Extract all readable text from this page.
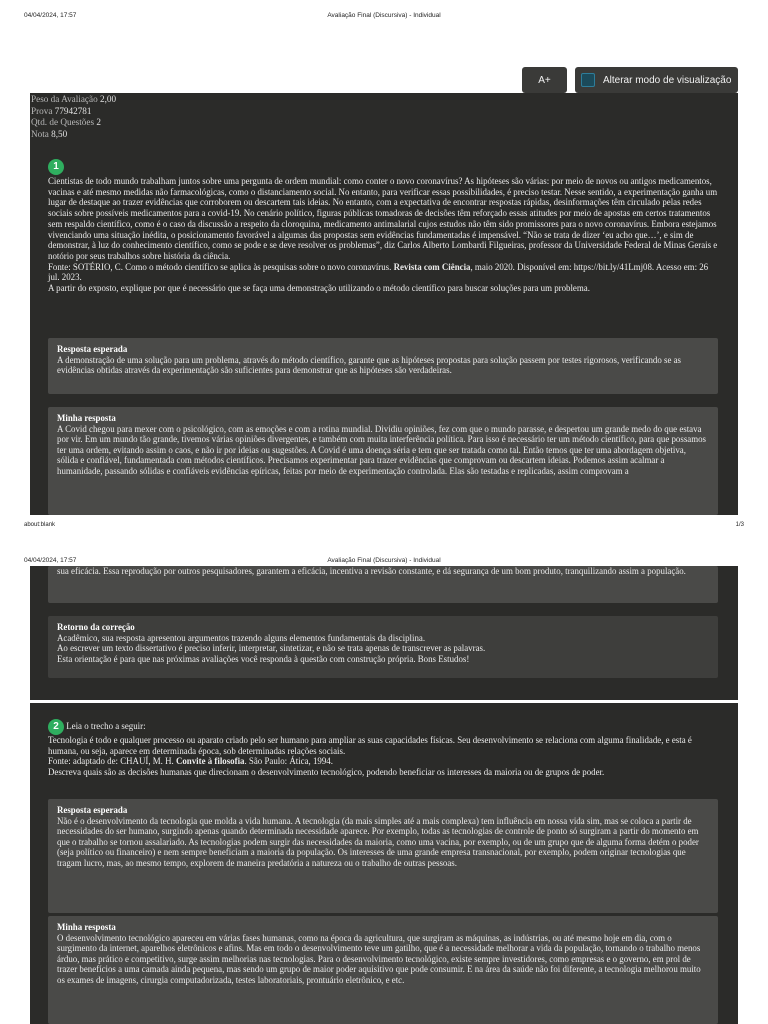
04/04/2024, 17:57	Avaliação Final (Discursiva) - Individual
A+	Alterar modo de visualização
Peso da Avaliação 2,00
Prova 77942781
Qtd. de Questões 2
Nota 8,50
1
Cientistas de todo mundo trabalham juntos sobre uma pergunta de ordem mundial: como conter o novo coronavírus? As hipóteses são várias: por meio de novos ou antigos medicamentos, vacinas e até mesmo medidas não farmacológicas, como o distanciamento social. No entanto, para verificar essas possibilidades, é preciso testar. Nesse sentido, a experimentação ganha um lugar de destaque ao trazer evidências que corroborem ou descartem tais ideias. No entanto, com a expectativa de encontrar respostas rápidas, desinformações têm circulado pelas redes sociais sobre possíveis medicamentos para a covid-19. No cenário político, figuras públicas tomadoras de decisões têm reforçado essas atitudes por meio de apostas em certos tratamentos sem respaldo científico, como é o caso da discussão a respeito da cloroquina, medicamento antimalarial cujos estudos não têm sido promissores para o novo coronavírus. Embora estejamos vivenciando uma situação inédita, o posicionamento favorável a algumas das propostas sem evidências fundamentadas é impensável. “Não se trata de dizer ‘eu acho que…’, e sim de demonstrar, à luz do conhecimento científico, como se pode e se deve resolver os problemas”, diz Carlos Alberto Lombardi Filgueiras, professor da Universidade Federal de Minas Gerais e notório por seus trabalhos sobre história da ciência.
Fonte: SOTÉRIO, C. Como o método científico se aplica às pesquisas sobre o novo coronavírus. Revista com Ciência, maio 2020. Disponível em: https://bit.ly/41Lmj08. Acesso em: 26 jul. 2023.
A partir do exposto, explique por que é necessário que se faça uma demonstração utilizando o método científico para buscar soluções para um problema.
Resposta esperada
A demonstração de uma solução para um problema, através do método científico, garante que as hipóteses propostas para solução passem por testes rigorosos, verificando se as evidências obtidas através da experimentação são suficientes para demonstrar que as hipóteses são verdadeiras.
Minha resposta
A Covid chegou para mexer com o psicológico, com as emoções e com a rotina mundial. Dividiu opiniões, fez com que o mundo parasse, e despertou um grande medo do que estava por vir. Em um mundo tão grande, tivemos várias opiniões divergentes, e também com muita interferência política. Para isso é necessário ter um método científico, para que possamos ter uma ordem, evitando assim o caos, e não ir por ideias ou sugestões. A Covid é uma doença séria e tem que ser tratada como tal. Então temos que ter uma abordagem objetiva, sólida e confiável, fundamentada com métodos científicos. Precisamos experimentar para trazer evidências que comprovam ou descartem ideias. Podemos assim acalmar a humanidade, passando sólidas e confiáveis evidências epíricas, feitas por meio de experimentação controlada. Elas são testadas e replicadas, assim comprovam a
about:blank	1/3
04/04/2024, 17:57	Avaliação Final (Discursiva) - Individual
sua eficácia. Essa reprodução por outros pesquisadores, garantem a eficácia, incentiva a revisão constante, e dá segurança de um bom produto, tranquilizando assim a população.
Retorno da correção
Acadêmico, sua resposta apresentou argumentos trazendo alguns elementos fundamentais da disciplina.
Ao escrever um texto dissertativo é preciso inferir, interpretar, sintetizar, e não se trata apenas de transcrever as palavras.
Esta orientação é para que nas próximas avaliações você responda à questão com construção própria. Bons Estudos!
2 Leia o trecho a seguir:
Tecnologia é todo e qualquer processo ou aparato criado pelo ser humano para ampliar as suas capacidades físicas. Seu desenvolvimento se relaciona com alguma finalidade, e esta é humana, ou seja, aparece em determinada época, sob determinadas relações sociais.
Fonte: adaptado de: CHAUÍ, M. H. Convite à filosofia. São Paulo: Ática, 1994.
Descreva quais são as decisões humanas que direcionam o desenvolvimento tecnológico, podendo beneficiar os interesses da maioria ou de grupos de poder.
Resposta esperada
Não é o desenvolvimento da tecnologia que molda a vida humana. A tecnologia (da mais simples até a mais complexa) tem influência em nossa vida sim, mas se coloca a partir de necessidades do ser humano, surgindo apenas quando determinada necessidade aparece. Por exemplo, todas as tecnologias de controle de ponto só surgiram a partir do momento em que o trabalho se tornou assalariado. As tecnologias podem surgir das necessidades da maioria, como uma vacina, por exemplo, ou de um grupo que de alguma forma detém o poder (seja político ou financeiro) e nem sempre beneficiam a maioria da população. Os interesses de uma grande empresa transnacional, por exemplo, podem originar tecnologias que tragam lucro, mas, ao mesmo tempo, explorem de maneira predatória a natureza ou o trabalho de outras pessoas.
Minha resposta
O desenvolvimento tecnológico apareceu em várias fases humanas, como na época da agricultura, que surgiram as máquinas, as indústrias, ou até mesmo hoje em dia, com o surgimento da internet, aparelhos eletrônicos e afins. Mas em todo o desenvolvimento teve um gatilho, que é a necessidade melhorar a vida da população, tornando o trabalho menos árduo, mas prático e competitivo, surge assim melhorias nas tecnologias. Para o desenvolvimento tecnológico, existe sempre investidores, como empresas e o governo, em prol de trazer benefícios a uma camada ainda pequena, mas sendo um grupo de maior poder aquisitivo que pode consumir. E na área da saúde não foi diferente, a tecnologia melhorou muito os exames de imagens, cirurgia computadorizada, testes laboratoriais, prontuário eletrônico, e etc.
